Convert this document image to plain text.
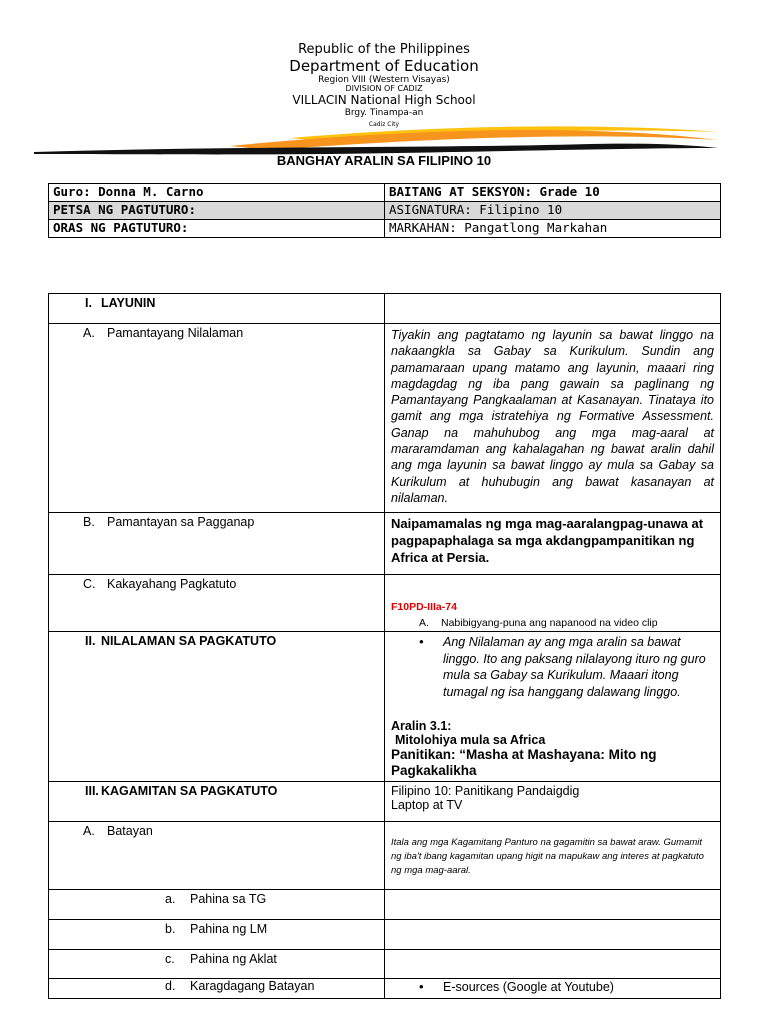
Republic of the Philippines
Department of Education
Region VIII (Western Visayas)
DIVISION OF CADIZ
VILLACIN National High School
Brgy. Tinampa-an
Cadiz City
BANGHAY ARALIN SA FILIPINO 10
Guro: Donna M. Carno	BAITANG AT SEKSYON: Grade 10
PETSA NG PAGTUTURO:	ASIGNATURA: Filipino 10
ORAS NG PAGTUTURO:	MARKAHAN: Pangatlong Markahan
I. LAYUNIN	
A. Pamantayang Nilalaman	Tiyakin ang pagtatamo ng layunin sa bawat linggo na nakaangkla sa Gabay sa Kurikulum. Sundin ang pamamaraan upang matamo ang layunin, maaari ring magdagdag ng iba pang gawain sa paglinang ng Pamantayang Pangkaalaman at Kasanayan. Tinataya ito gamit ang mga istratehiya ng Formative Assessment. Ganap na mahuhubog ang mga mag-aaral at mararamdaman ang kahalagahan ng bawat aralin dahil ang mga layunin sa bawat linggo ay mula sa Gabay sa Kurikulum at huhubugin ang bawat kasanayan at nilalaman.

B. Pamantayan sa Pagganap	Naipamamalas ng mga mag-aaralangpag-unawa at pagpapaphalaga sa mga akdangpampanitikan ng Africa at Persia.

C. Kakayahang Pagkatuto	F10PD-IIIa-74
A. Nabibigyang-puna ang napanood na video clip

II. NILALAMAN SA PAGKATUTO	• Ang Nilalaman ay ang mga aralin sa bawat linggo. Ito ang paksang nilalayong ituro ng guro mula sa Gabay sa Kurikulum. Maaari itong tumagal ng isa hanggang dalawang linggo.
Aralin 3.1:
Mitolohiya mula sa Africa
Panitikan: “Masha at Mashayana: Mito ng Pagkakalikha

III. KAGAMITAN SA PAGKATUTO	Filipino 10: Panitikang Pandaigdig
Laptop at TV

A. Batayan	Itala ang mga Kagamitang Panturo na gagamitin sa bawat araw. Gumamit ng iba't ibang kagamitan upang higit na mapukaw ang interes at pagkatuto ng mga mag-aaral.

a. Pahina sa TG	
b. Pahina ng LM	
c. Pahina ng Aklat	
d. Karagdagang Batayan	• E-sources (Google at Youtube)
